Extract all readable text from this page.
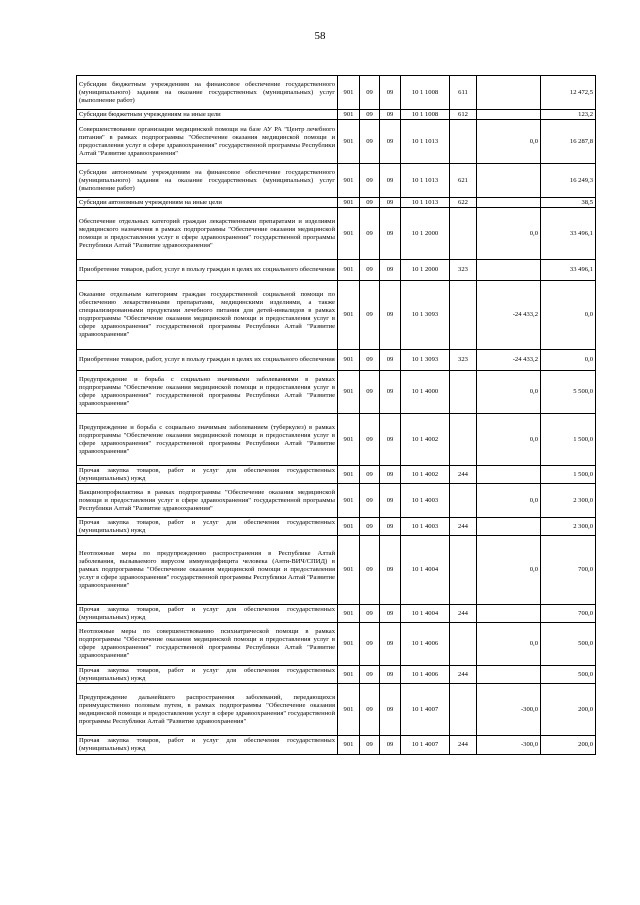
58
Субсидии бюджетным учреждениям на финансовое обеспечение государственного (муниципального) задания на оказание государственных (муниципальных) услуг (выполнение работ)	901	09	09	10 1 1008	611		12 472,5
Субсидии бюджетным учреждениям на иные цели	901	09	09	10 1 1008	612		123,2
Совершенствование организации медицинской помощи на базе АУ РА "Центр лечебного питания" в рамках подпрограммы "Обеспечение оказания медицинской помощи и предоставления услуг в сфере здравоохранения" государственной программы Республики Алтай "Развитие здравоохранения"	901	09	09	10 1 1013		0,0	16 287,8
Субсидии автономным учреждениям на финансовое обеспечение государственного (муниципального) задания на оказание государственных (муниципальных) услуг (выполнение работ)	901	09	09	10 1 1013	621		16 249,3
Субсидии автономным учреждениям на иные цели	901	09	09	10 1 1013	622		38,5
Обеспечение отдельных категорий граждан лекарственными препаратами и изделиями медицинского назначения в рамках подпрограммы "Обеспечение оказания медицинской помощи и предоставления услуг в сфере здравоохранения" государственной программы Республики Алтай "Развитие здравоохранения"	901	09	09	10 1 2000		0,0	33 496,1
Приобретение товаров, работ, услуг в пользу граждан в целях их социального обеспечения	901	09	09	10 1 2000	323		33 496,1
Оказание отдельным категориям граждан государственной социальной помощи по обеспечению лекарственными препаратами, медицинскими изделиями, а также специализированными продуктами лечебного питания для детей-инвалидов в рамках подпрограммы "Обеспечение оказания медицинской помощи и предоставления услуг в сфере здравоохранения" государственной программы Республики Алтай "Развитие здравоохранения"	901	09	09	10 1 3093		-24 433,2	0,0
Приобретение товаров, работ, услуг в пользу граждан в целях их социального обеспечения	901	09	09	10 1 3093	323	-24 433,2	0,0
Предупреждение и борьба с социально значимыми заболеваниями в рамках подпрограммы "Обеспечение оказания медицинской помощи и предоставления услуг в сфере здравоохранения" государственной программы Республики Алтай "Развитие здравоохранения"	901	09	09	10 1 4000		0,0	5 500,0
Предупреждение и борьба с социально значимым заболеванием (туберкулез) в рамках подпрограммы "Обеспечение оказания медицинской помощи и предоставления услуг в сфере здравоохранения" государственной программы Республики Алтай "Развитие здравоохранения"	901	09	09	10 1 4002		0,0	1 500,0
Прочая закупка товаров, работ и услуг для обеспечения государственных (муниципальных) нужд	901	09	09	10 1 4002	244		1 500,0
Вакцинопрофилактика в рамках подпрограммы "Обеспечение оказания медицинской помощи и предоставления услуг в сфере здравоохранения" государственной программы Республики Алтай "Развитие здравоохранения"	901	09	09	10 1 4003		0,0	2 300,0
Прочая закупка товаров, работ и услуг для обеспечения государственных (муниципальных) нужд	901	09	09	10 1 4003	244		2 300,0
Неотложные меры по предупреждению распространения в Республике Алтай заболевания, вызываемого вирусом иммунодефицита человека (Анти-ВИЧ/СПИД) в рамках подпрограммы "Обеспечение оказания медицинской помощи и предоставления услуг в сфере здравоохранения" государственной программы Республики Алтай "Развитие здравоохранения"	901	09	09	10 1 4004		0,0	700,0
Прочая закупка товаров, работ и услуг для обеспечения государственных (муниципальных) нужд	901	09	09	10 1 4004	244		700,0
Неотложные меры по совершенствованию психиатрической помощи в рамках подпрограммы "Обеспечение оказания медицинской помощи и предоставления услуг в сфере здравоохранения" государственной программы Республики Алтай "Развитие здравоохранения"	901	09	09	10 1 4006		0,0	500,0
Прочая закупка товаров, работ и услуг для обеспечения государственных (муниципальных) нужд	901	09	09	10 1 4006	244		500,0
Предупреждение дальнейшего распространения заболеваний, передающихся преимущественно половым путем, в рамках подпрограммы "Обеспечение оказания медицинской помощи и предоставления услуг в сфере здравоохранения" государственной программы Республики Алтай "Развитие здравоохранения"	901	09	09	10 1 4007		-300,0	200,0
Прочая закупка товаров, работ и услуг для обеспечения государственных (муниципальных) нужд	901	09	09	10 1 4007	244	-300,0	200,0
